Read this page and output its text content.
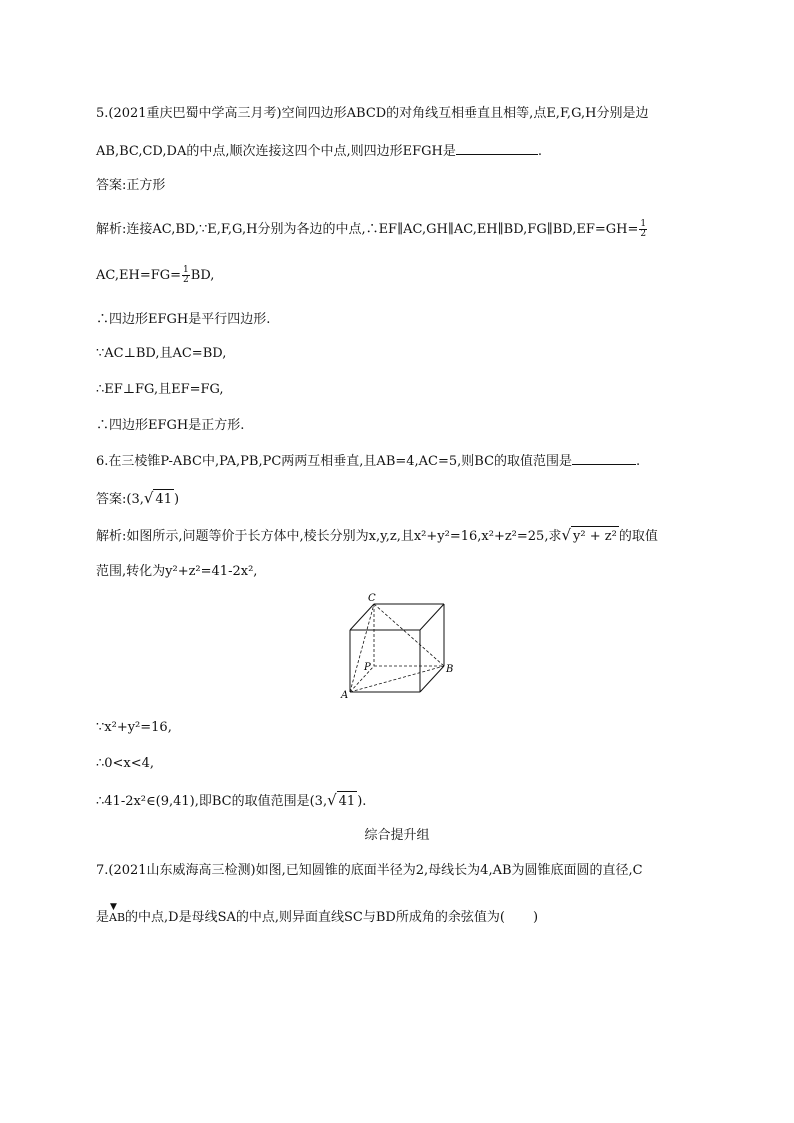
5.(2021重庆巴蜀中学高三月考)空间四边形ABCD的对角线互相垂直且相等,点E,F,G,H分别是边
AB,BC,CD,DA的中点,顺次连接这四个中点,则四边形EFGH是	.
答案:正方形
解析:连接AC,BD,∵E,F,G,H分别为各边的中点,∴EF∥AC,GH∥AC,EH∥BD,FG∥BD,EF=GH= $\frac{1}{2}$
$AC,EH=FG= \frac{1}{2}$ BD,
∴四边形EFGH是平行四边形.
∵AC⊥BD,且AC=BD,
∴EF⊥FG,且EF=FG,
∴四边形EFGH是正方形.
6.在三棱锥P-ABC中,PA,PB,PC两两互相垂直,且AB=4,AC=5,则BC的取值范围是	.
答案:(3,√ 41 )
解析:如图所示,问题等价于长方体中,棱长分别为x,y,z,且x²+y²=16,x²+z²=25,求√ y² + z² 的取值
范围,转化为y²+z²=41-2x²,
C
P	B
A
∵x²+y²=16,
∴0<x<4,
∴41-2x²∈(9,41),即BC的取值范围是(3,√ 41 ).
综合提升组
7.(2021山东威海高三检测)如图,已知圆锥的底面半径为2,母线长为4,AB为圆锥底面圆的直径,C
是
▼
AB的中点,D是母线SA的中点,则异面直线SC与BD所成角的余弦值为( )
